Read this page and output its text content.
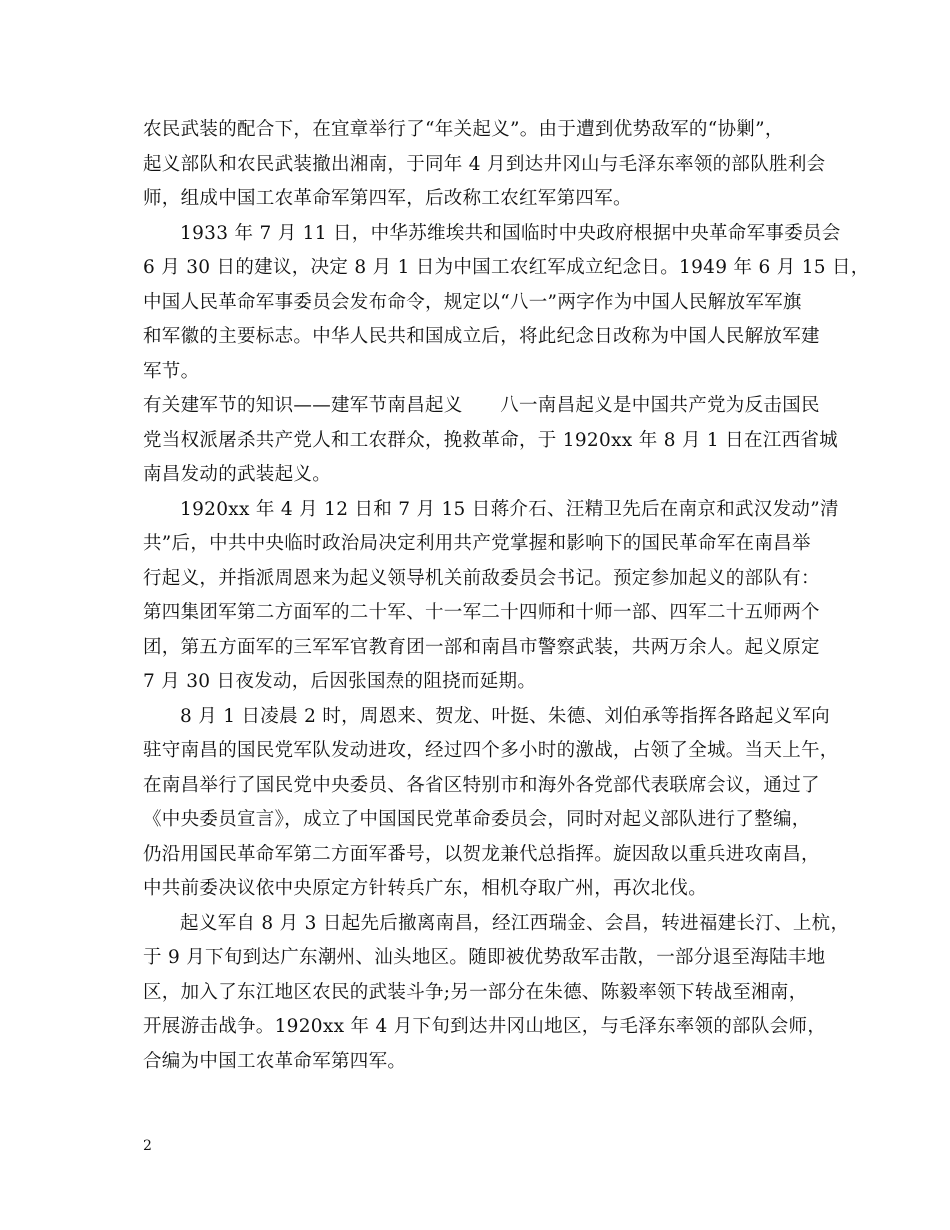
农民武装的配合下，在宜章举行了“年关起义”。由于遭到优势敌军的“协剿”，
起义部队和农民武装撤出湘南，于同年 4 月到达井冈山与毛泽东率领的部队胜利会
师，组成中国工农革命军第四军，后改称工农红军第四军。
1933 年 7 月 11 日，中华苏维埃共和国临时中央政府根据中央革命军事委员会
6 月 30 日的建议，决定 8 月 1 日为中国工农红军成立纪念日。1949 年 6 月 15 日，
中国人民革命军事委员会发布命令，规定以“八一”两字作为中国人民解放军军旗
和军徽的主要标志。中华人民共和国成立后，将此纪念日改称为中国人民解放军建
军节。
有关建军节的知识——建军节南昌起义　　八一南昌起义是中国共产党为反击国民
党当权派屠杀共产党人和工农群众，挽救革命，于 1920xx 年 8 月 1 日在江西省城
南昌发动的武装起义。
1920xx 年 4 月 12 日和 7 月 15 日蒋介石、汪精卫先后在南京和武汉发动”清
共”后，中共中央临时政治局决定利用共产党掌握和影响下的国民革命军在南昌举
行起义，并指派周恩来为起义领导机关前敌委员会书记。预定参加起义的部队有：
第四集团军第二方面军的二十军、十一军二十四师和十师一部、四军二十五师两个
团，第五方面军的三军军官教育团一部和南昌市警察武装，共两万余人。起义原定
7 月 30 日夜发动，后因张国焘的阻挠而延期。
8 月 1 日凌晨 2 时，周恩来、贺龙、叶挺、朱德、刘伯承等指挥各路起义军向
驻守南昌的国民党军队发动进攻，经过四个多小时的激战，占领了全城。当天上午，
在南昌举行了国民党中央委员、各省区特别市和海外各党部代表联席会议，通过了
《中央委员宣言》，成立了中国国民党革命委员会，同时对起义部队进行了整编，
仍沿用国民革命军第二方面军番号，以贺龙兼代总指挥。旋因敌以重兵进攻南昌，
中共前委决议依中央原定方针转兵广东，相机夺取广州，再次北伐。
起义军自 8 月 3 日起先后撤离南昌，经江西瑞金、会昌，转进福建长汀、上杭，
于 9 月下旬到达广东潮州、汕头地区。随即被优势敌军击散，一部分退至海陆丰地
区，加入了东江地区农民的武装斗争;另一部分在朱德、陈毅率领下转战至湘南，
开展游击战争。1920xx 年 4 月下旬到达井冈山地区，与毛泽东率领的部队会师，
合编为中国工农革命军第四军。
2
